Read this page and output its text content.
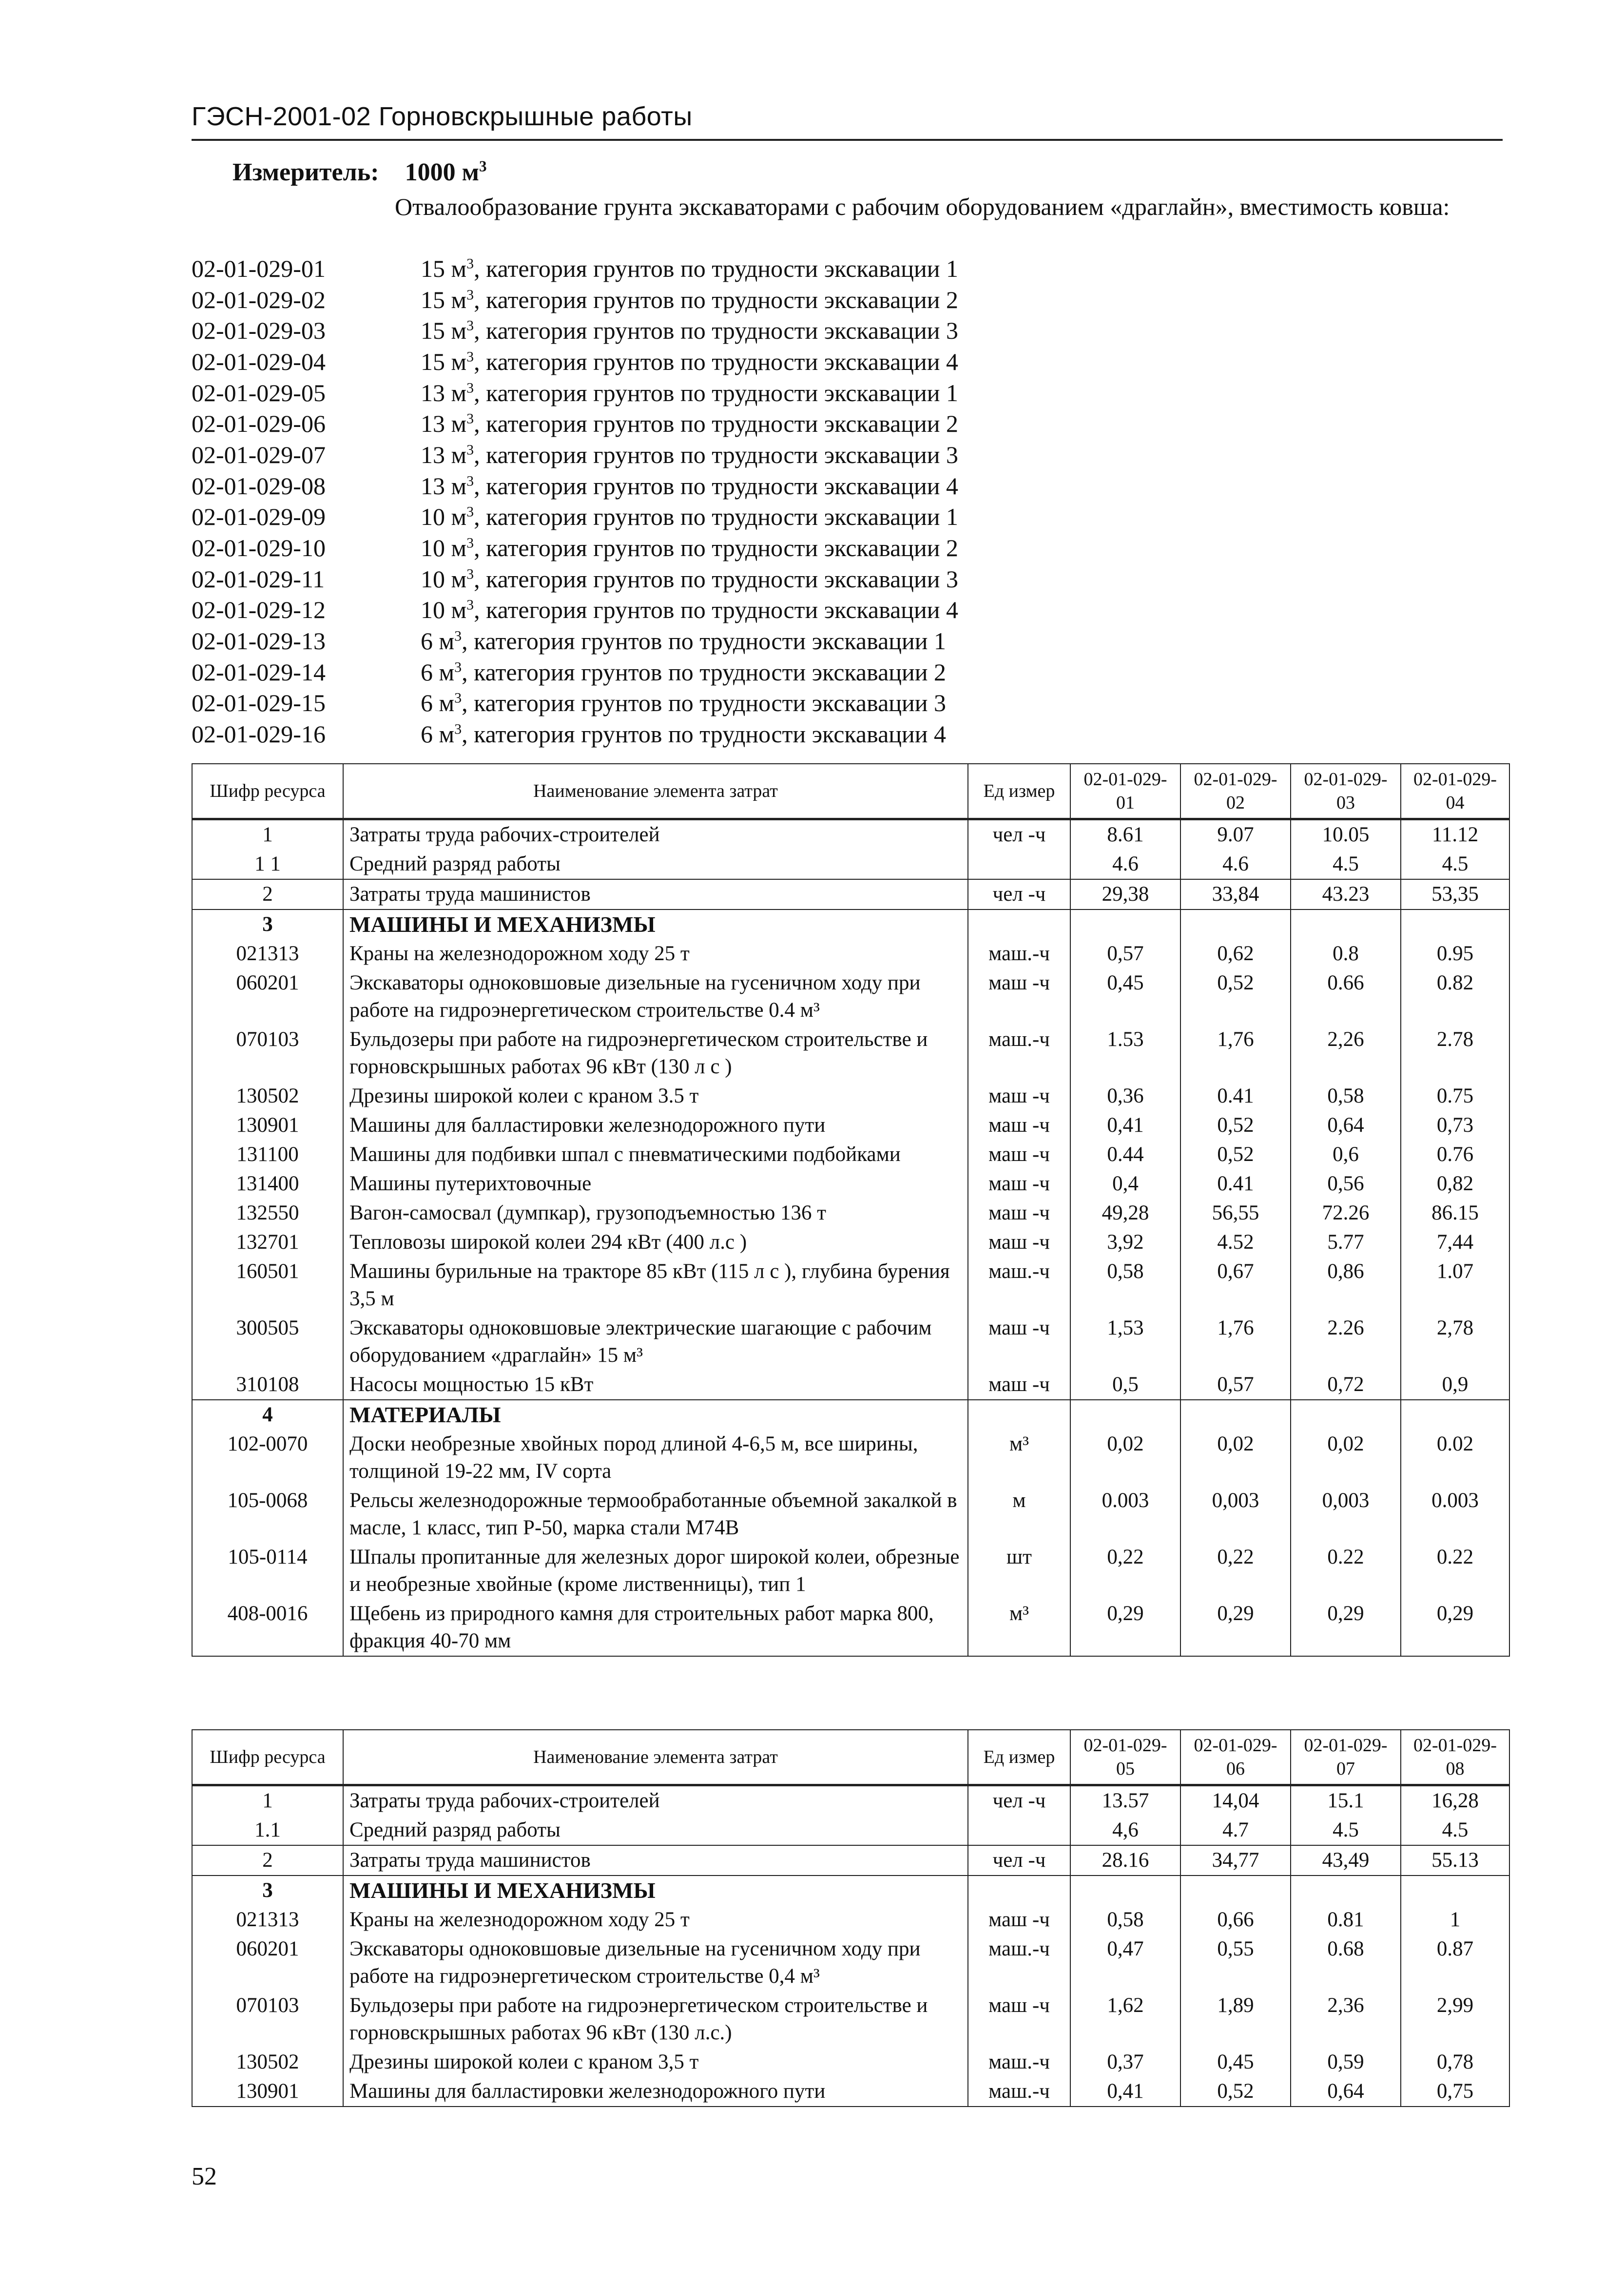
ГЭСН-2001-02 Горновскрышные работы
Измеритель: 1000 $м^3$
Отвалообразование грунта экскаваторами с рабочим оборудованием «драглайн», вместимость ковша:
02-01-029-01	15 $м^3$, категория грунтов по трудности экскавации 1
02-01-029-02	15 $м^3$, категория грунтов по трудности экскавации 2
02-01-029-03	15 $м^3$, категория грунтов по трудности экскавации 3
02-01-029-04	15 $м^3$, категория грунтов по трудности экскавации 4
02-01-029-05	13 $м^3$, категория грунтов по трудности экскавации 1
02-01-029-06	13 $м^3$, категория грунтов по трудности экскавации 2
02-01-029-07	13 $м^3$, категория грунтов по трудности экскавации 3
02-01-029-08	13 $м^3$, категория грунтов по трудности экскавации 4
02-01-029-09	10 $м^3$, категория грунтов по трудности экскавации 1
02-01-029-10	10 $м^3$, категория грунтов по трудности экскавации 2
02-01-029-11	10 $м^3$, категория грунтов по трудности экскавации 3
02-01-029-12	10 $м^3$, категория грунтов по трудности экскавации 4
02-01-029-13	6 $м^3$, категория грунтов по трудности экскавации 1
02-01-029-14	6 $м^3$, категория грунтов по трудности экскавации 2
02-01-029-15	6 $м^3$, категория грунтов по трудности экскавации 3
02-01-029-16	6 $м^3$, категория грунтов по трудности экскавации 4
Шифр ресурса	Наименование элемента затрат	Ед измер	02-01-029-01	02-01-029-02	02-01-029-03	02-01-029-04
1	Затраты труда рабочих-строителей	чел -ч	8.61	9.07	10.05	11.12
1 1	Средний разряд работы		4.6	4.6	4.5	4.5
2	Затраты труда машинистов	чел -ч	29,38	33,84	43.23	53,35
3	МАШИНЫ И МЕХАНИЗМЫ					
021313	Краны на железнодорожном ходу 25 т	маш.-ч	0,57	0,62	0.8	0.95
060201	Экскаваторы одноковшовые дизельные на гусеничном ходу при работе на гидроэнергетическом строительстве 0.4 м³	маш -ч	0,45	0,52	0.66	0.82
070103	Бульдозеры при работе на гидроэнергетическом строительстве и горновскрышных работах 96 кВт (130 л с )	маш.-ч	1.53	1,76	2,26	2.78
130502	Дрезины широкой колеи с краном 3.5 т	маш -ч	0,36	0.41	0,58	0.75
130901	Машины для балластировки железнодорожного пути	маш -ч	0,41	0,52	0,64	0,73
131100	Машины для подбивки шпал с пневматическими подбойками	маш -ч	0.44	0,52	0,6	0.76
131400	Машины путерихтовочные	маш -ч	0,4	0.41	0,56	0,82
132550	Вагон-самосвал (думпкар), грузоподъемностью 136 т	маш -ч	49,28	56,55	72.26	86.15
132701	Тепловозы широкой колеи 294 кВт (400 л.с )	маш -ч	3,92	4.52	5.77	7,44
160501	Машины бурильные на тракторе 85 кВт (115 л с ), глубина бурения 3,5 м	маш.-ч	0,58	0,67	0,86	1.07
300505	Экскаваторы одноковшовые электрические шагающие с рабочим оборудованием «драглайн» 15 м³	маш -ч	1,53	1,76	2.26	2,78
310108	Насосы мощностью 15 кВт	маш -ч	0,5	0,57	0,72	0,9
4	МАТЕРИАЛЫ					
102-0070	Доски необрезные хвойных пород длиной 4-6,5 м, все ширины, толщиной 19-22 мм, IV сорта	м³	0,02	0,02	0,02	0.02
105-0068	Рельсы железнодорожные термообработанные объемной закалкой в масле, 1 класс, тип Р-50, марка стали М74В	м	0.003	0,003	0,003	0.003
105-0114	Шпалы пропитанные для железных дорог широкой колеи, обрезные и необрезные хвойные (кроме лиственницы), тип 1	шт	0,22	0,22	0.22	0.22
408-0016	Щебень из природного камня для строительных работ марка 800, фракция 40-70 мм	м³	0,29	0,29	0,29	0,29
Шифр ресурса	Наименование элемента затрат	Ед измер	02-01-029-05	02-01-029-06	02-01-029-07	02-01-029-08
1	Затраты труда рабочих-строителей	чел -ч	13.57	14,04	15.1	16,28
1.1	Средний разряд работы		4,6	4.7	4.5	4.5
2	Затраты труда машинистов	чел -ч	28.16	34,77	43,49	55.13
3	МАШИНЫ И МЕХАНИЗМЫ					
021313	Краны на железнодорожном ходу 25 т	маш -ч	0,58	0,66	0.81	1
060201	Экскаваторы одноковшовые дизельные на гусеничном ходу при работе на гидроэнергетическом строительстве 0,4 м³	маш.-ч	0,47	0,55	0.68	0.87
070103	Бульдозеры при работе на гидроэнергетическом строительстве и горновскрышных работах 96 кВт (130 л.с.)	маш -ч	1,62	1,89	2,36	2,99
130502	Дрезины широкой колеи с краном 3,5 т	маш.-ч	0,37	0,45	0,59	0,78
130901	Машины для балластировки железнодорожного пути	маш.-ч	0,41	0,52	0,64	0,75
52
